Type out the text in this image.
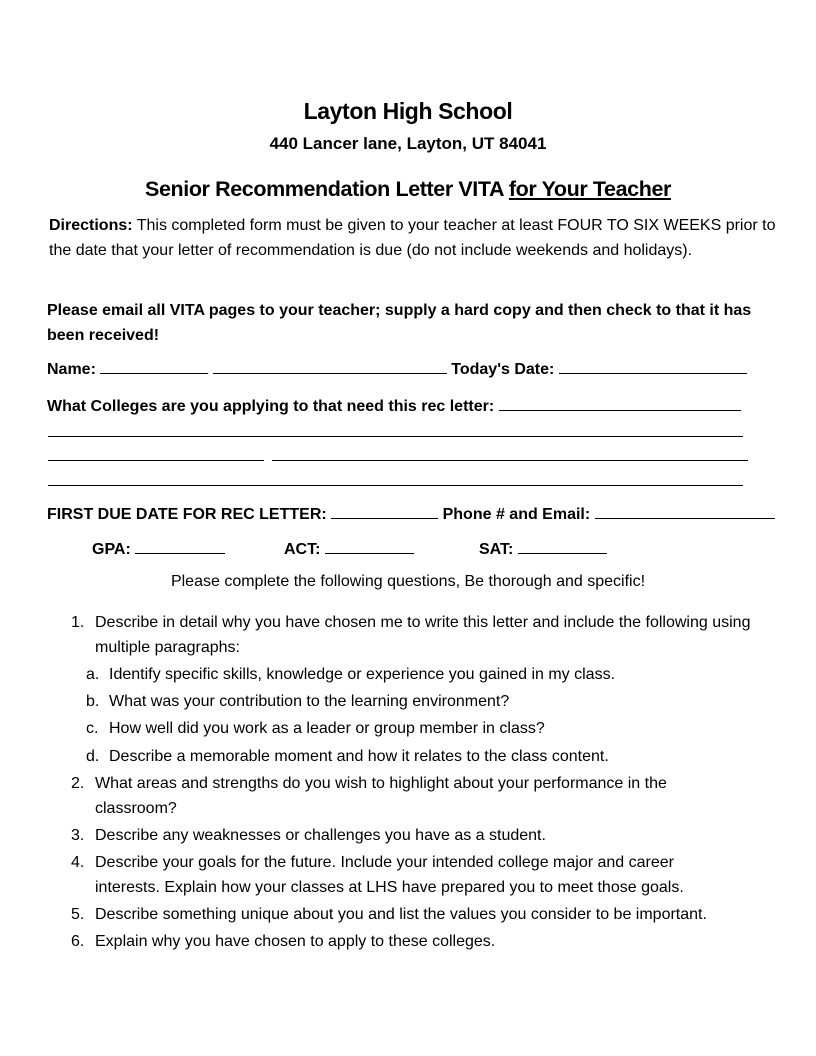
Layton High School
440 Lancer lane, Layton, UT 84041
Senior Recommendation Letter VITA for Your Teacher
Directions: This completed form must be given to your teacher at least FOUR TO SIX WEEKS prior to the date that your letter of recommendation is due (do not include weekends and holidays).
Please email all VITA pages to your teacher; supply a hard copy and then check to that it has been received!
Name:	Today's Date:
What Colleges are you applying to that need this rec letter:
FIRST DUE DATE FOR REC LETTER:	Phone # and Email:
GPA:	ACT:	SAT:
Please complete the following questions, Be thorough and specific!
1. Describe in detail why you have chosen me to write this letter and include the following using multiple paragraphs:
a. Identify specific skills, knowledge or experience you gained in my class.
b. What was your contribution to the learning environment?
c. How well did you work as a leader or group member in class?
d. Describe a memorable moment and how it relates to the class content.
2. What areas and strengths do you wish to highlight about your performance in the classroom?
3. Describe any weaknesses or challenges you have as a student.
4. Describe your goals for the future. Include your intended college major and career interests. Explain how your classes at LHS have prepared you to meet those goals.
5. Describe something unique about you and list the values you consider to be important.
6. Explain why you have chosen to apply to these colleges.
